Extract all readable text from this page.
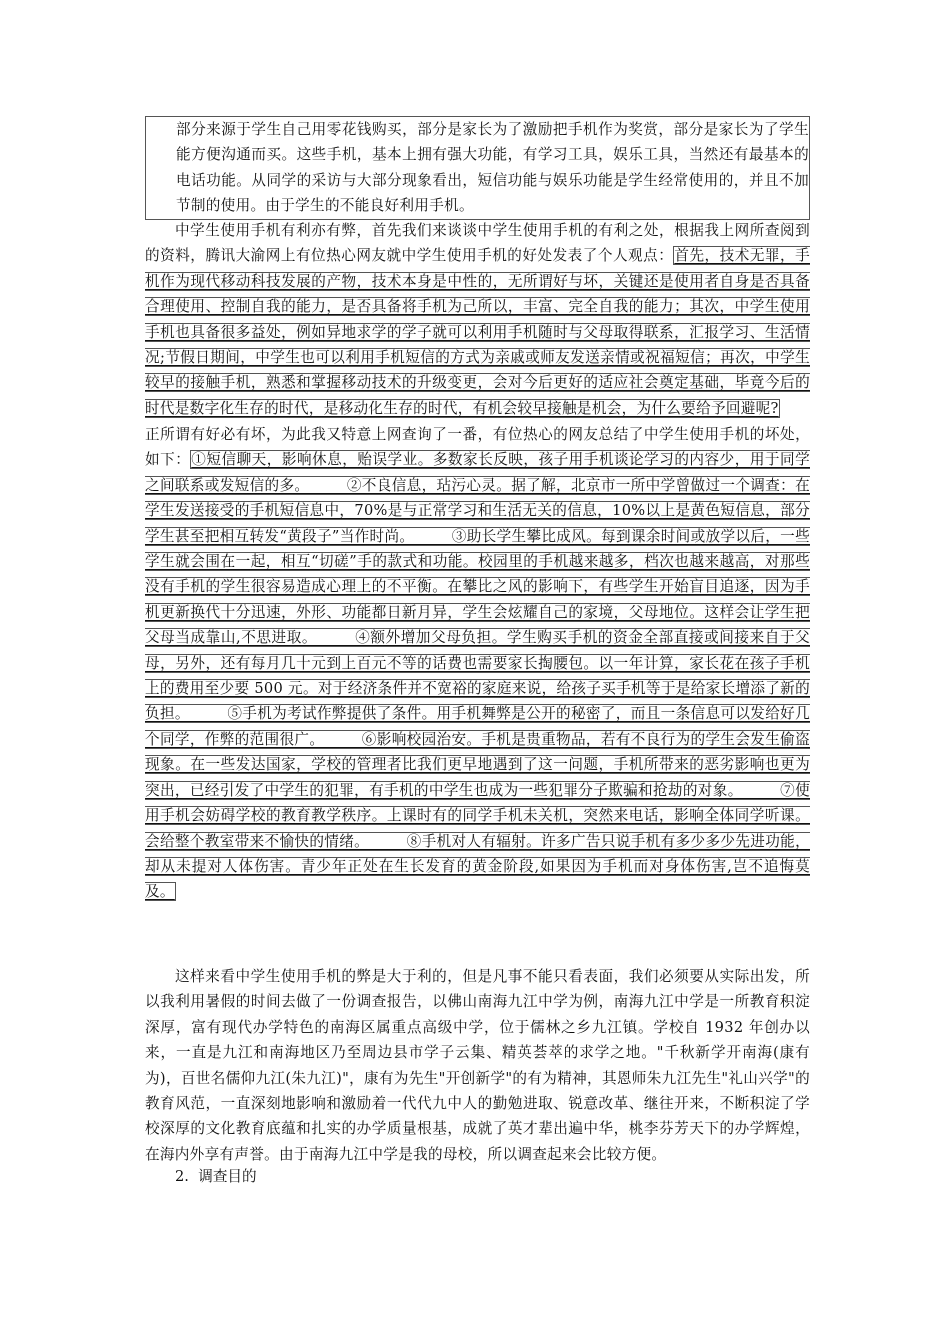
部分来源于学生自己用零花钱购买，部分是家长为了激励把手机作为奖赏，部分是家长为了学生能方便沟通而买。这些手机，基本上拥有强大功能，有学习工具，娱乐工具，当然还有最基本的电话功能。从同学的采访与大部分现象看出，短信功能与娱乐功能是学生经常使用的，并且不加节制的使用。由于学生的不能良好利用手机。

中学生使用手机有利亦有弊，首先我们来谈谈中学生使用手机的有利之处，根据我上网所查阅到的资料，腾讯大渝网上有位热心网友就中学生使用手机的好处发表了个人观点：首先，技术无罪，手机作为现代移动科技发展的产物，技术本身是中性的，无所谓好与坏，关键还是使用者自身是否具备合理使用、控制自我的能力，是否具备将手机为己所以，丰富、完全自我的能力；其次，中学生使用手机也具备很多益处，例如异地求学的学子就可以利用手机随时与父母取得联系，汇报学习、生活情况;节假日期间，中学生也可以利用手机短信的方式为亲戚或师友发送亲情或祝福短信；再次，中学生较早的接触手机，熟悉和掌握移动技术的升级变更，会对今后更好的适应社会奠定基础，毕竟今后的时代是数字化生存的时代，是移动化生存的时代，有机会较早接触是机会，为什么要给予回避呢?

正所谓有好必有坏，为此我又特意上网查询了一番，有位热心的网友总结了中学生使用手机的坏处，如下：①短信聊天，影响休息，贻误学业。多数家长反映，孩子用手机谈论学习的内容少，用于同学之间联系或发短信的多。　　　②不良信息，玷污心灵。据了解，北京市一所中学曾做过一个调查：在学生发送接受的手机短信息中，70%是与正常学习和生活无关的信息，10%以上是黄色短信息，部分学生甚至把相互转发“黄段子”当作时尚。　　　③助长学生攀比成风。每到课余时间或放学以后，一些学生就会围在一起，相互“切磋”手的款式和功能。校园里的手机越来越多，档次也越来越高，对那些没有手机的学生很容易造成心理上的不平衡。在攀比之风的影响下，有些学生开始盲目追逐，因为手机更新换代十分迅速，外形、功能都日新月异，学生会炫耀自己的家境，父母地位。这样会让学生把父母当成靠山,不思进取。　　　④额外增加父母负担。学生购买手机的资金全部直接或间接来自于父母，另外，还有每月几十元到上百元不等的话费也需要家长掏腰包。以一年计算，家长花在孩子手机上的费用至少要 500 元。对于经济条件并不宽裕的家庭来说，给孩子买手机等于是给家长增添了新的负担。　　　⑤手机为考试作弊提供了条件。用手机舞弊是公开的秘密了，而且一条信息可以发给好几个同学，作弊的范围很广。　　　⑥影响校园治安。手机是贵重物品，若有不良行为的学生会发生偷盗现象。在一些发达国家，学校的管理者比我们更早地遇到了这一问题，手机所带来的恶劣影响也更为突出，已经引发了中学生的犯罪，有手机的中学生也成为一些犯罪分子欺骗和抢劫的对象。　　　⑦使用手机会妨碍学校的教育教学秩序。上课时有的同学手机未关机，突然来电话，影响全体同学听课。会给整个教室带来不愉快的情绪。　　　⑧手机对人有辐射。许多广告只说手机有多少多少先进功能，却从未提对人体伤害。青少年正处在生长发育的黄金阶段,如果因为手机而对身体伤害,岂不追悔莫及。

这样来看中学生使用手机的弊是大于利的，但是凡事不能只看表面，我们必须要从实际出发，所以我利用暑假的时间去做了一份调查报告，以佛山南海九江中学为例，南海九江中学是一所教育积淀深厚，富有现代办学特色的南海区属重点高级中学，位于儒林之乡九江镇。学校自 1932 年创办以来，一直是九江和南海地区乃至周边县市学子云集、精英荟萃的求学之地。"千秋新学开南海(康有为)，百世名儒仰九江(朱九江)"，康有为先生"开创新学"的有为精神，其恩师朱九江先生"礼山兴学"的教育风范，一直深刻地影响和激励着一代代九中人的勤勉进取、锐意改革、继往开来，不断积淀了学校深厚的文化教育底蕴和扎实的办学质量根基，成就了英才辈出遍中华，桃李芬芳天下的办学辉煌，在海内外享有声誉。由于南海九江中学是我的母校，所以调查起来会比较方便。

2. 调查目的
